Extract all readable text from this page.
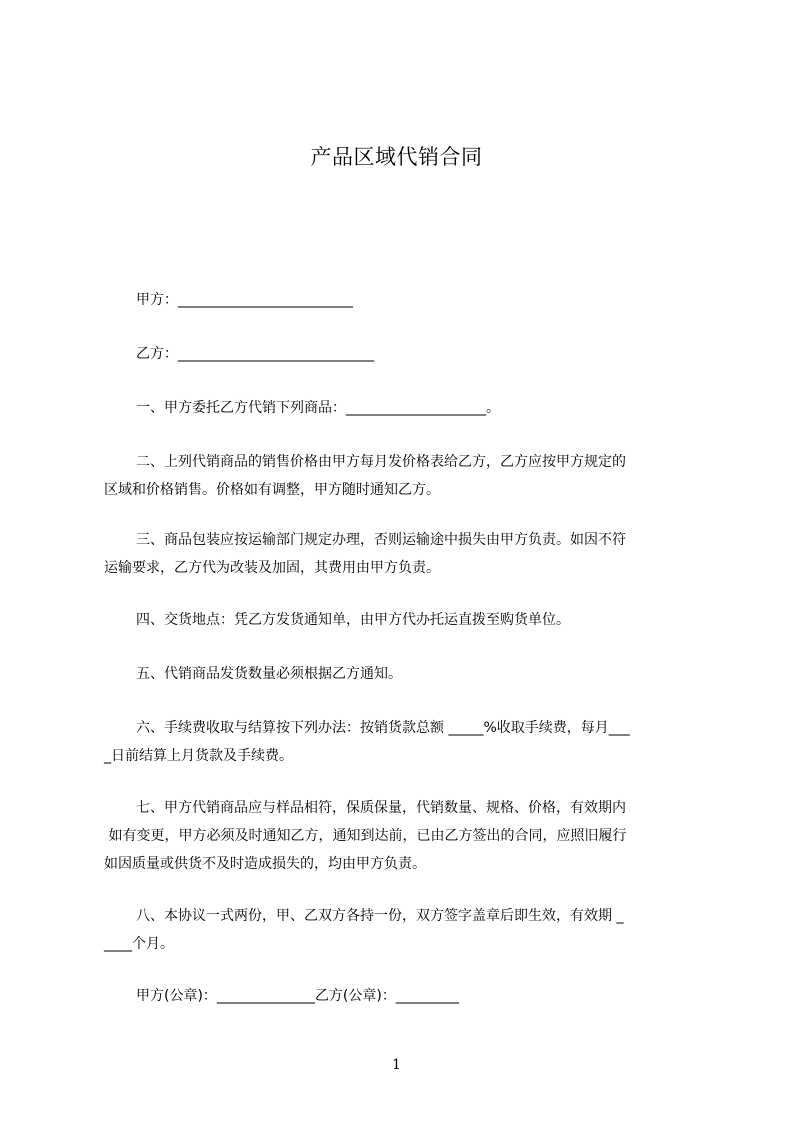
产品区域代销合同
甲方：_________________________
乙方：____________________________
一、甲方委托乙方代销下列商品：____________________。
二、上列代销商品的销售价格由甲方每月发价格表给乙方，乙方应按甲方规定的
区域和价格销售。价格如有调整，甲方随时通知乙方。
三、商品包装应按运输部门规定办理，否则运输途中损失由甲方负责。如因不符
运输要求，乙方代为改装及加固，其费用由甲方负责。
四、交货地点：凭乙方发货通知单，由甲方代办托运直拨至购货单位。
五、代销商品发货数量必须根据乙方通知。
六、手续费收取与结算按下列办法：按销货款总额 _____%收取手续费，每月___
_日前结算上月货款及手续费。
七、甲方代销商品应与样品相符，保质保量，代销数量、规格、价格，有效期内
如有变更，甲方必须及时通知乙方，通知到达前，已由乙方签出的合同，应照旧履行
如因质量或供货不及时造成损失的，均由甲方负责。
八、本协议一式两份，甲、乙双方各持一份，双方签字盖章后即生效，有效期 _
____个月。
甲方(公章)：______________乙方(公章)：_________
1
